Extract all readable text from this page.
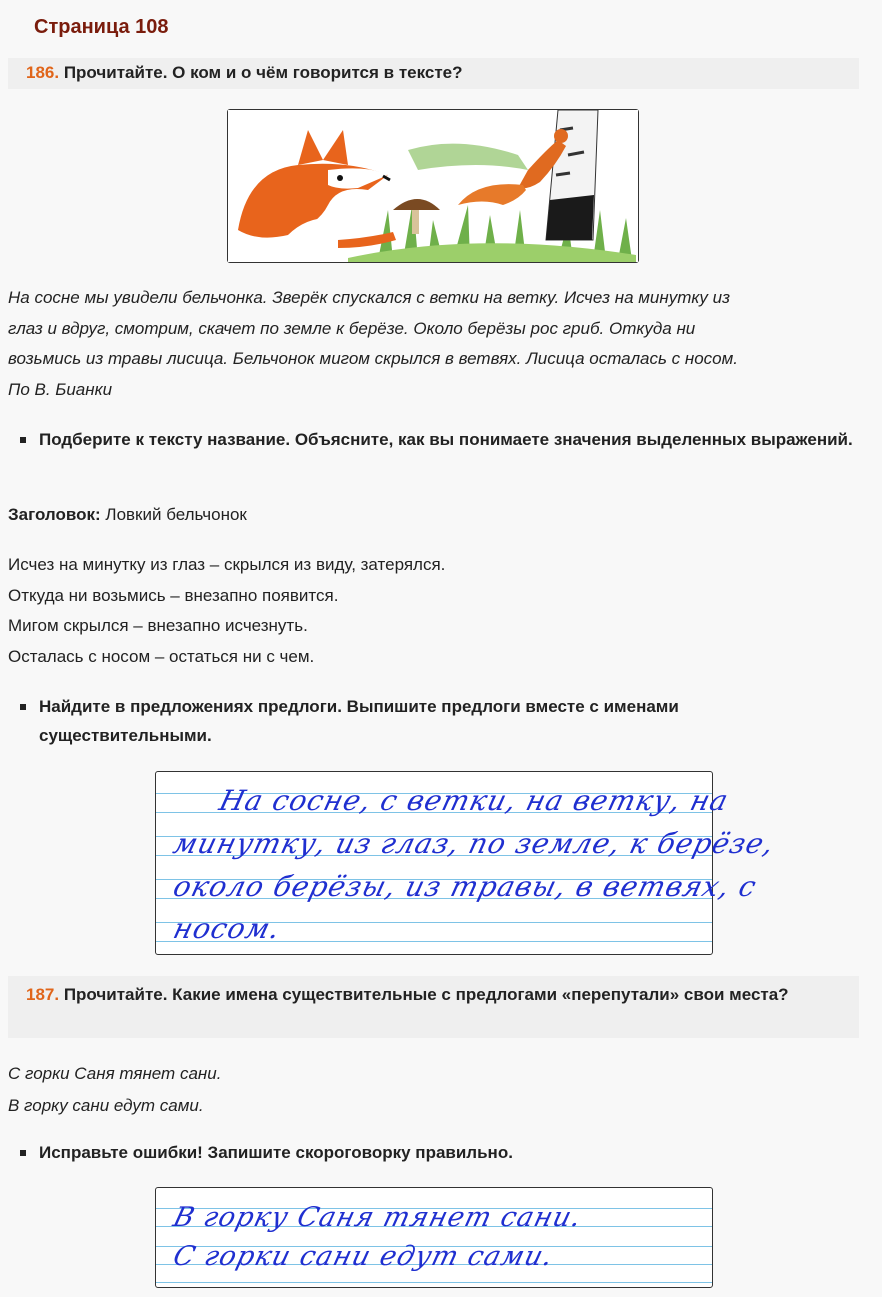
Страница 108
186. Прочитайте. О ком и о чём говорится в тексте?
На сосне мы увидели бельчонка. Зверёк спускался с ветки на ветку. Исчез на минутку из
глаз и вдруг, смотрим, скачет по земле к берёзе. Около берёзы рос гриб. Откуда ни
возьмись из травы лисица. Бельчонок мигом скрылся в ветвях. Лисица осталась с носом.
По В. Бианки

Подберите к тексту название. Объясните, как вы понимаете значения выделенных выражений.

Заголовок: Ловкий бельчонок

Исчез на минутку из глаз – скрылся из виду, затерялся.
Откуда ни возьмись – внезапно появится.
Мигом скрылся – внезапно исчезнуть.
Осталась с носом – остаться ни с чем.

Найдите в предложениях предлоги. Выпишите предлоги вместе с именами существительными.

На сосне, с ветки, на ветку, на
минутку, из глаз, по земле, к берёзе,
около берёзы, из травы, в ветвях, с
носом.
187. Прочитайте. Какие имена существительные с предлогами «перепутали» свои места?
С горки Саня тянет сани.
В горку сани едут сами.

Исправьте ошибки! Запишите скороговорку правильно.

В горку Саня тянет сани.
С горки сани едут сами.
